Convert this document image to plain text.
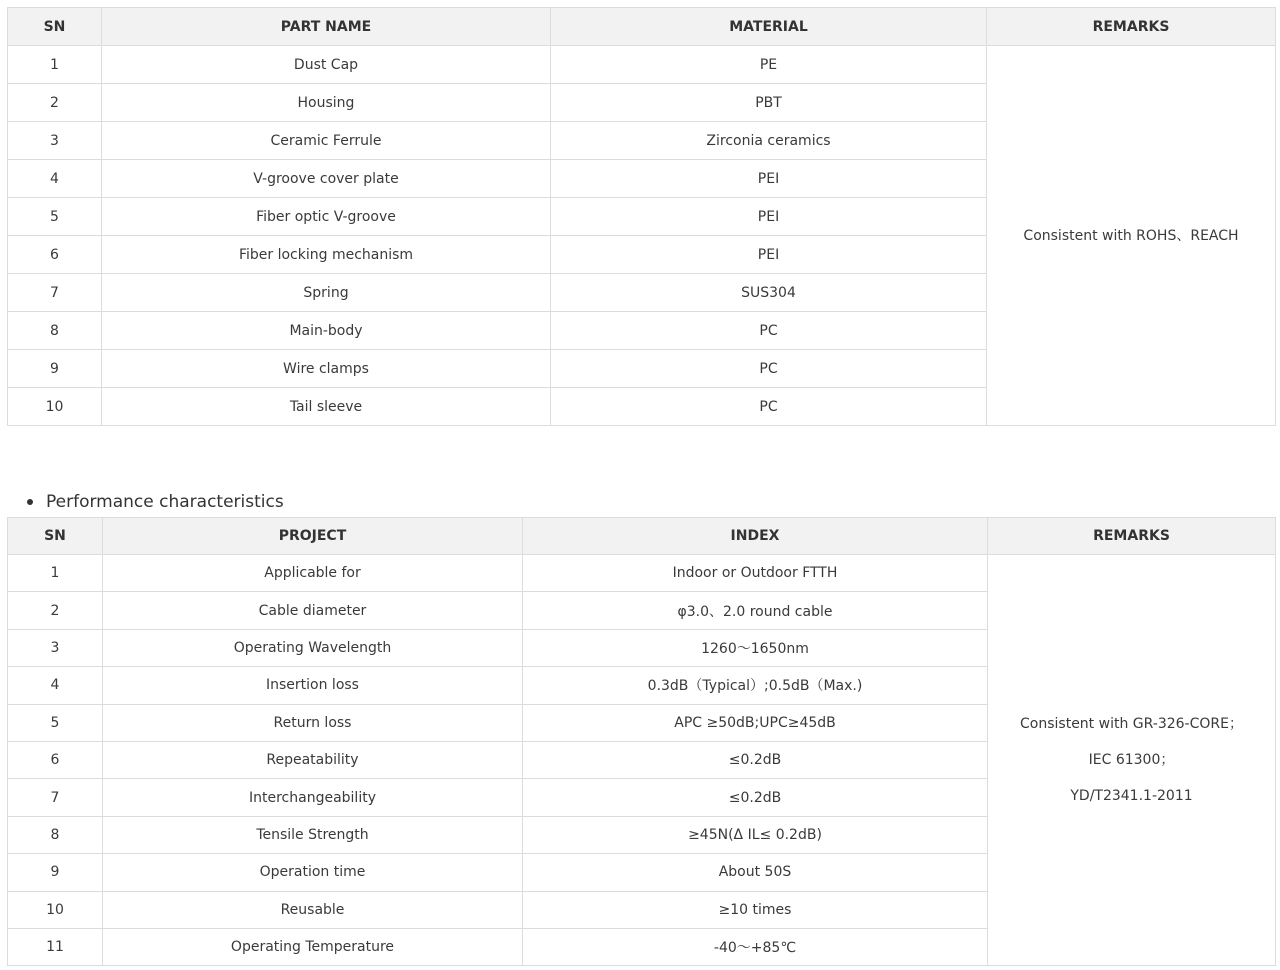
SN	PART NAME	MATERIAL	REMARKS
1	Dust Cap	PE	Consistent with ROHS、REACH
2	Housing	PBT	
3	Ceramic Ferrule	Zirconia ceramics	
4	V-groove cover plate	PEI	
5	Fiber optic V-groove	PEI	
6	Fiber locking mechanism	PEI	
7	Spring	SUS304	
8	Main-body	PC	
9	Wire clamps	PC	
10	Tail sleeve	PC	
Performance characteristics
SN	PROJECT	INDEX	REMARKS
1	Applicable for	Indoor or Outdoor FTTH	Consistent with GR-326-CORE；
IEC 61300；
YD/T2341.1-2011

2	Cable diameter	φ3.0、2.0 round cable	
3	Operating Wavelength	1260～1650nm	
4	Insertion loss	0.3dB（Typical）;0.5dB（Max.)	
5	Return loss	APC ≥50dB;UPC≥45dB	
6	Repeatability	≤0.2dB	
7	Interchangeability	≤0.2dB	
8	Tensile Strength	≥45N(Δ IL≤ 0.2dB)	
9	Operation time	About 50S	
10	Reusable	≥10 times	
11	Operating Temperature	-40～+85℃	
